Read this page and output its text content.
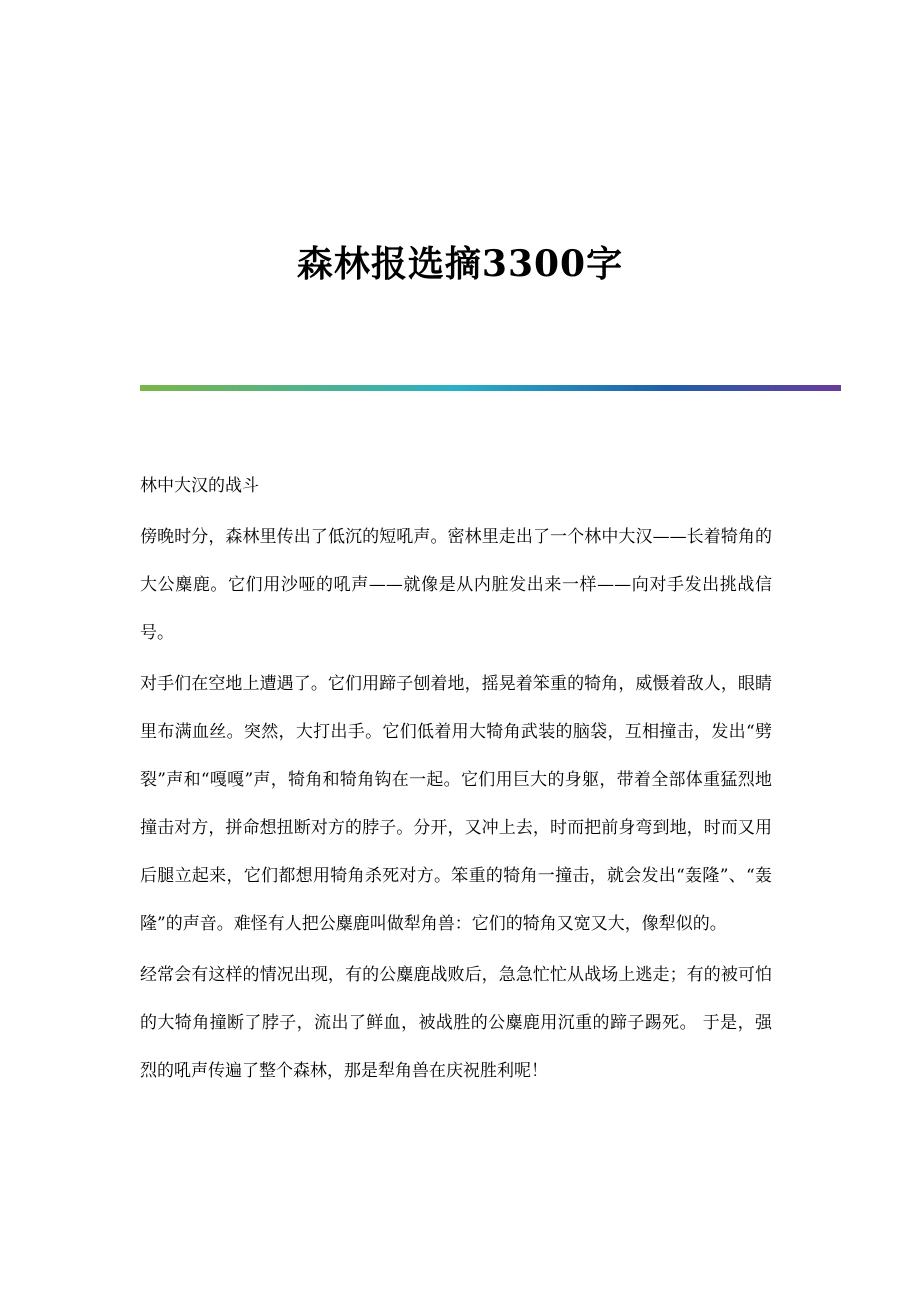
森林报选摘3300字
林中大汉的战斗

傍晚时分，森林里传出了低沉的短吼声。密林里走出了一个林中大汉——长着犄角的大公麋鹿。它们用沙哑的吼声——就像是从内脏发出来一样——向对手发出挑战信号。

对手们在空地上遭遇了。它们用蹄子刨着地，摇晃着笨重的犄角，威慑着敌人，眼睛里布满血丝。突然，大打出手。它们低着用大犄角武装的脑袋，互相撞击，发出“劈裂”声和“嘎嘎”声，犄角和犄角钩在一起。它们用巨大的身躯，带着全部体重猛烈地撞击对方，拼命想扭断对方的脖子。分开，又冲上去，时而把前身弯到地，时而又用后腿立起来，它们都想用犄角杀死对方。笨重的犄角一撞击，就会发出“轰隆”、“轰隆”的声音。难怪有人把公麋鹿叫做犁角兽：它们的犄角又宽又大，像犁似的。

经常会有这样的情况出现，有的公麋鹿战败后，急急忙忙从战场上逃走；有的被可怕的大犄角撞断了脖子，流出了鲜血，被战胜的公麋鹿用沉重的蹄子踢死。 于是，强烈的吼声传遍了整个森林，那是犁角兽在庆祝胜利呢！
